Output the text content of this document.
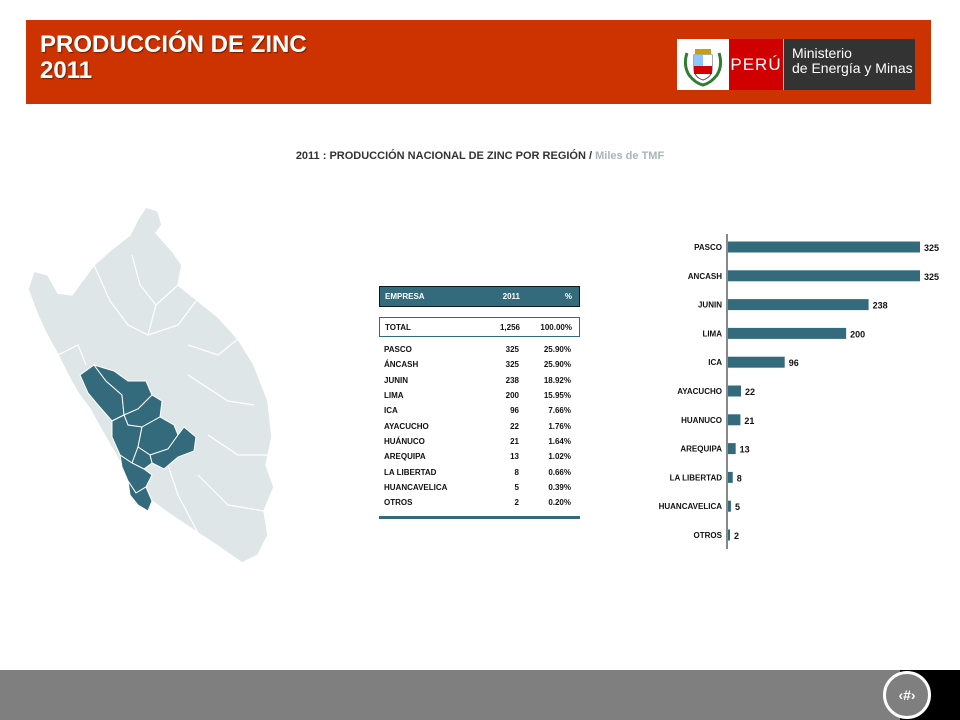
PRODUCCIÓN DE ZINC
2011	PERÚ
Ministerio
de Energía y Minas
2011 : PRODUCCIÓN NACIONAL DE ZINC POR REGIÓN / Miles de TMF
EMPRESA	2011	%
TOTAL	1,256	100.00%
PASCO	325	25.90%
ÁNCASH	325	25.90%
JUNIN	238	18.92%
LIMA	200	15.95%
ICA	96	7.66%
AYACUCHO	22	1.76%
HUÁNUCO	21	1.64%
AREQUIPA	13	1.02%
LA LIBERTAD	8	0.66%
HUANCAVELICA	5	0.39%
OTROS	2	0.20%
PASCO	325
ANCASH	325
JUNIN	238
LIMA	200
ICA	96
AYACUCHO	22
HUANUCO 21
AREQUIPA 13
LA LIBERTAD 8
HUANCAVELICA 5
OTROS 2
‹#›
